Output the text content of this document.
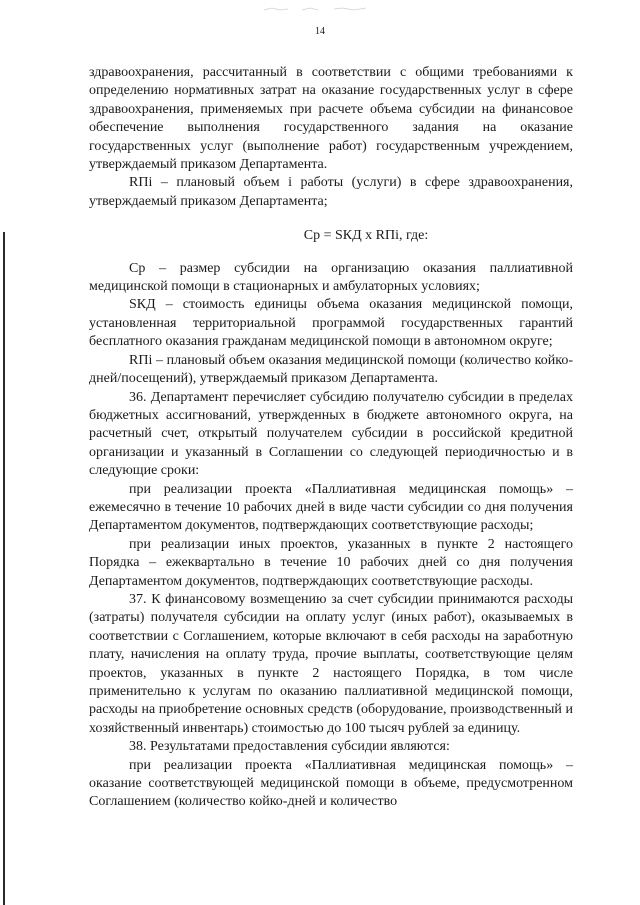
14

здравоохранения, рассчитанный в соответствии с общими требованиями к определению нормативных затрат на оказание государственных услуг в сфере здравоохранения, применяемых при расчете объема субсидии на финансовое обеспечение выполнения государственного задания на оказание государственных услуг (выполнение работ) государственным учреждением, утверждаемый приказом Департамента.

RПi – плановый объем i работы (услуги) в сфере здравоохранения, утверждаемый приказом Департамента;

Ср = SКД х RПi, где:

Ср – размер субсидии на организацию оказания паллиативной медицинской помощи в стационарных и амбулаторных условиях;

SКД – стоимость единицы объема оказания медицинской помощи, установленная территориальной программой государственных гарантий бесплатного оказания гражданам медицинской помощи в автономном округе;

RПi – плановый объем оказания медицинской помощи (количество койко-дней/посещений), утверждаемый приказом Департамента.

36. Департамент перечисляет субсидию получателю субсидии в пределах бюджетных ассигнований, утвержденных в бюджете автономного округа, на расчетный счет, открытый получателем субсидии в российской кредитной организации и указанный в Соглашении со следующей периодичностью и в следующие сроки:

при реализации проекта «Паллиативная медицинская помощь» – ежемесячно в течение 10 рабочих дней в виде части субсидии со дня получения Департаментом документов, подтверждающих соответствующие расходы;

при реализации иных проектов, указанных в пункте 2 настоящего Порядка – ежеквартально в течение 10 рабочих дней со дня получения Департаментом документов, подтверждающих соответствующие расходы.

37. К финансовому возмещению за счет субсидии принимаются расходы (затраты) получателя субсидии на оплату услуг (иных работ), оказываемых в соответствии с Соглашением, которые включают в себя расходы на заработную плату, начисления на оплату труда, прочие выплаты, соответствующие целям проектов, указанных в пункте 2 настоящего Порядка, в том числе применительно к услугам по оказанию паллиативной медицинской помощи, расходы на приобретение основных средств (оборудование, производственный и хозяйственный инвентарь) стоимостью до 100 тысяч рублей за единицу.

38. Результатами предоставления субсидии являются:

при реализации проекта «Паллиативная медицинская помощь» – оказание соответствующей медицинской помощи в объеме, предусмотренном Соглашением (количество койко-дней и количество
